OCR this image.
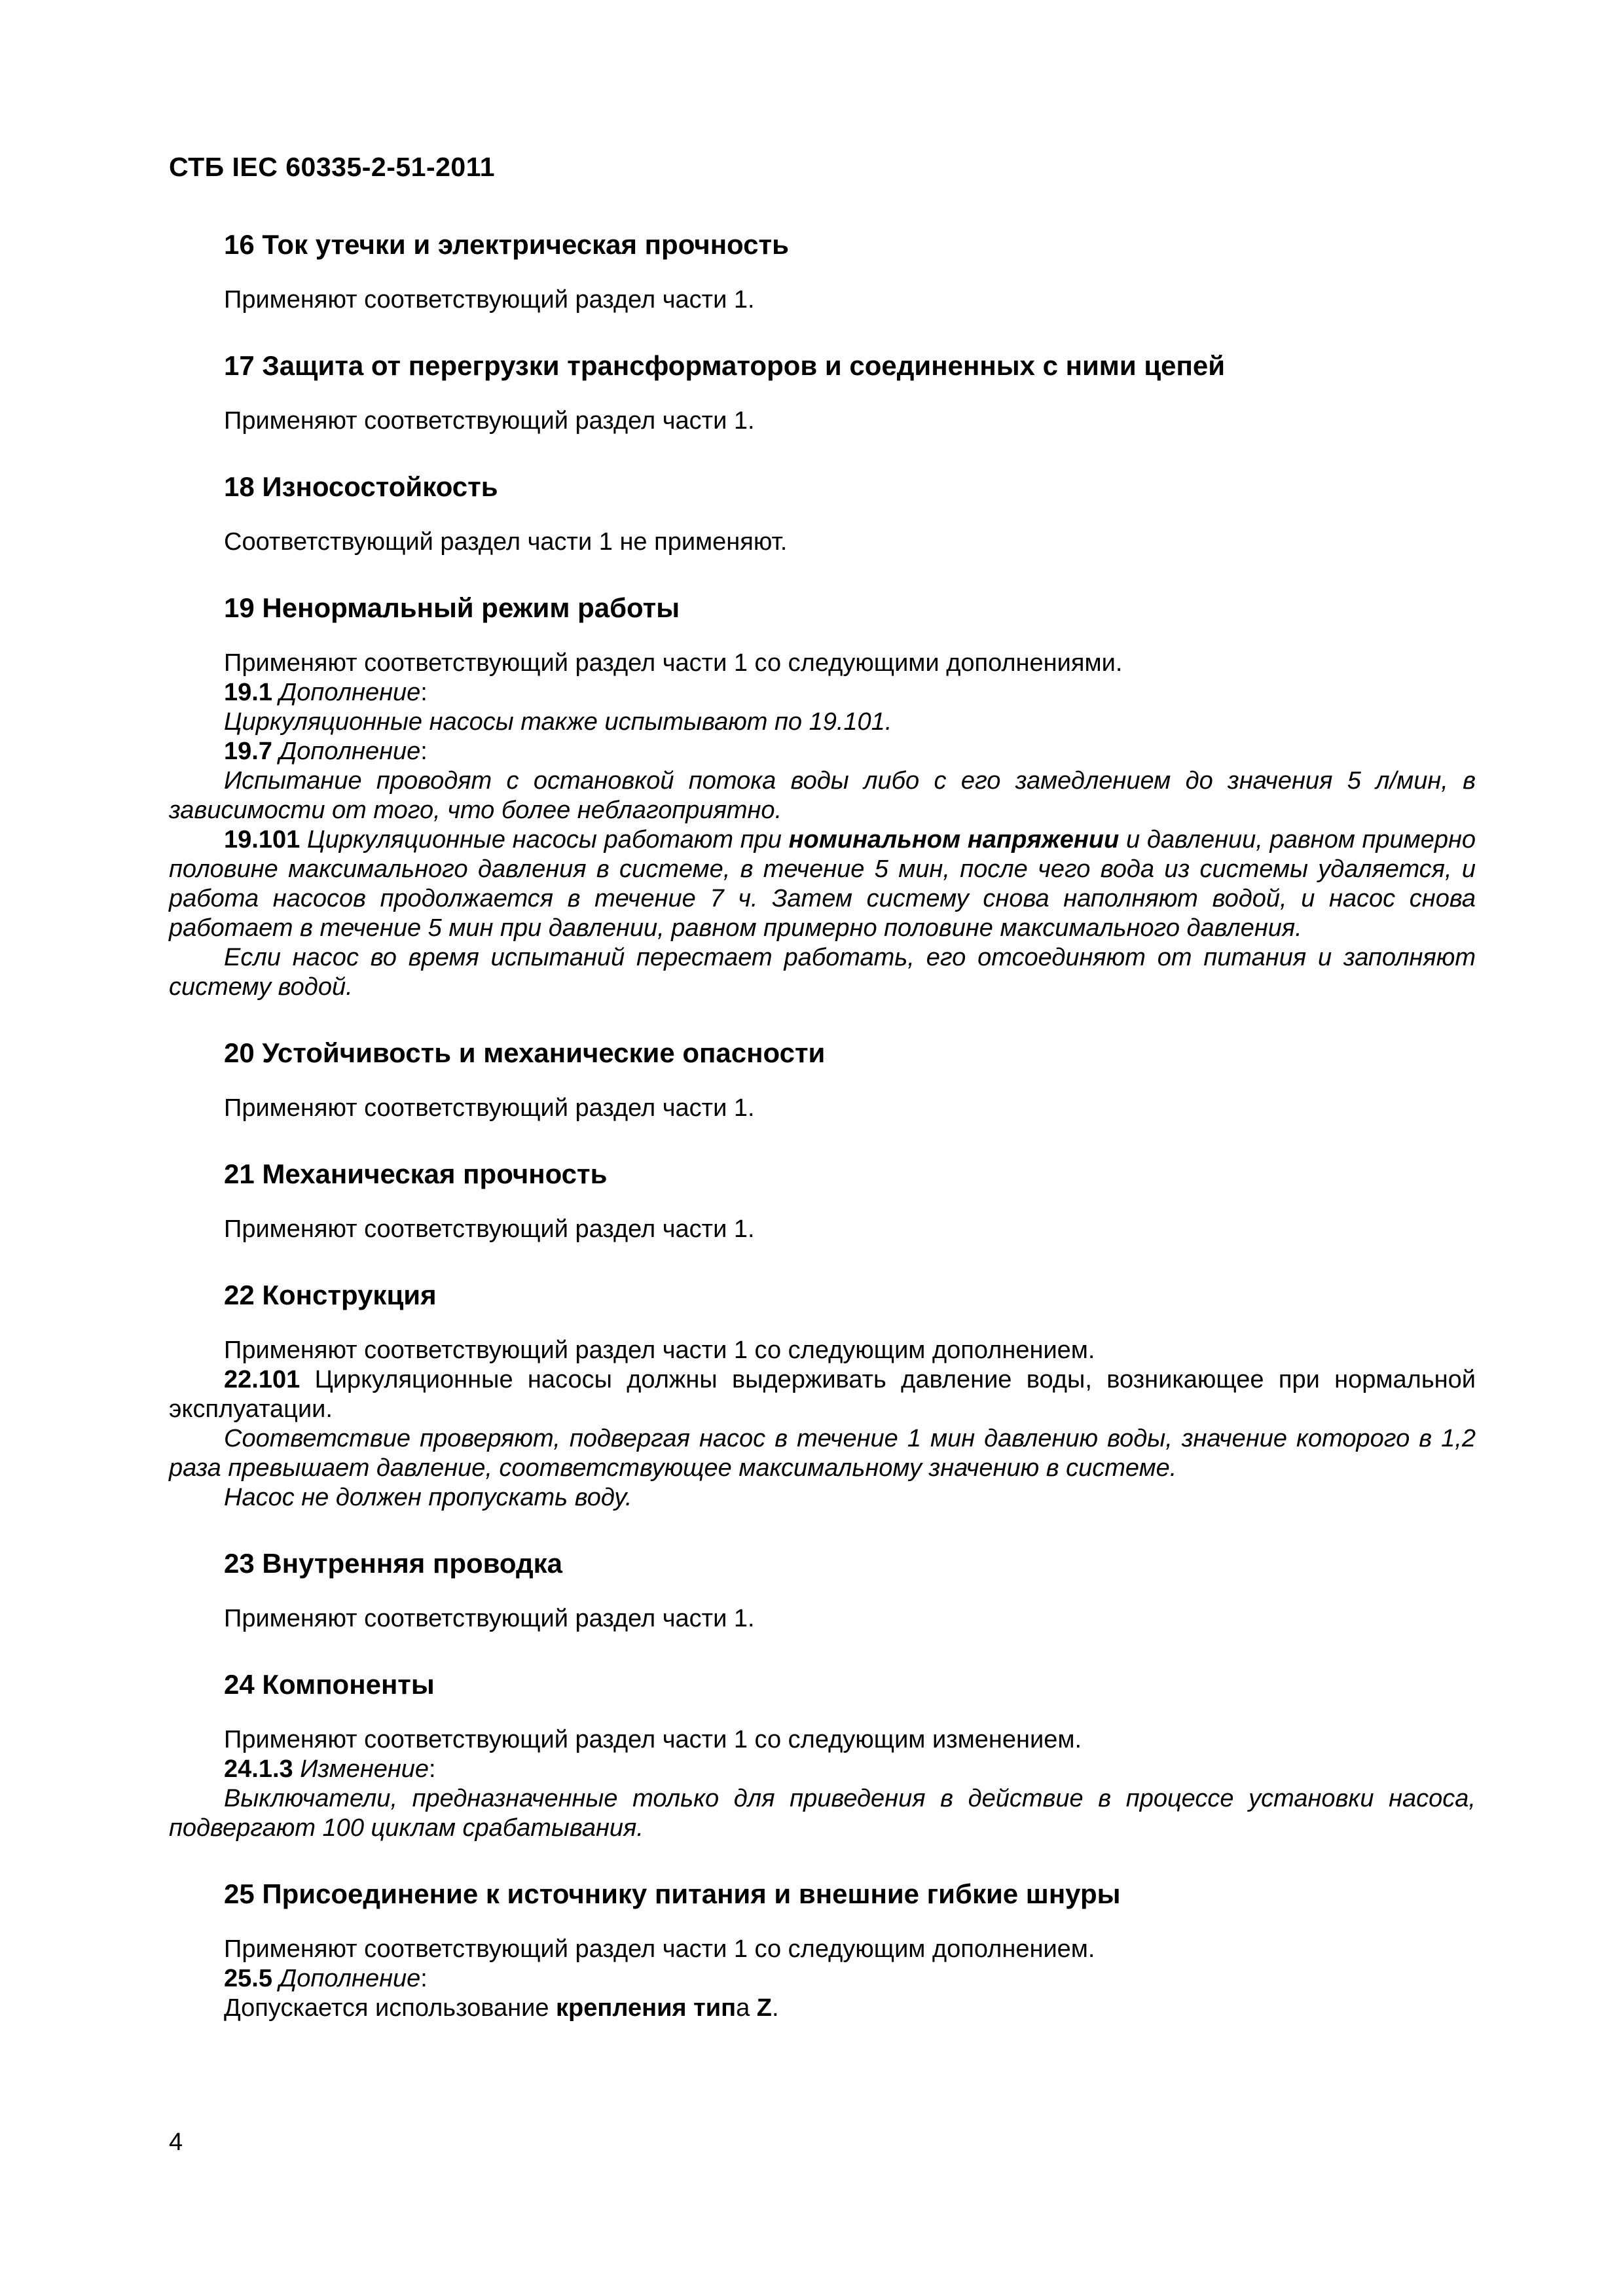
СТБ IEC 60335-2-51-2011
16 Ток утечки и электрическая прочность

Применяют соответствующий раздел части 1.

17 Защита от перегрузки трансформаторов и соединенных с ними цепей

Применяют соответствующий раздел части 1.

18 Износостойкость

Соответствующий раздел части 1 не применяют.

19 Ненормальный режим работы

Применяют соответствующий раздел части 1 со следующими дополнениями.

19.1 Дополнение:

Циркуляционные насосы также испытывают по 19.101.

19.7 Дополнение:

Испытание проводят с остановкой потока воды либо с его замедлением до значения 5 л/мин, в зависимости от того, что более неблагоприятно.

19.101 Циркуляционные насосы работают при номинальном напряжении и давлении, равном примерно половине максимального давления в системе, в течение 5 мин, после чего вода из системы удаляется, и работа насосов продолжается в течение 7 ч. Затем систему снова наполняют водой, и насос снова работает в течение 5 мин при давлении, равном примерно половине максимального давления.

Если насос во время испытаний перестает работать, его отсоединяют от питания и заполняют систему водой.

20 Устойчивость и механические опасности

Применяют соответствующий раздел части 1.

21 Механическая прочность

Применяют соответствующий раздел части 1.

22 Конструкция

Применяют соответствующий раздел части 1 со следующим дополнением.

22.101 Циркуляционные насосы должны выдерживать давление воды, возникающее при нормальной эксплуатации.

Соответствие проверяют, подвергая насос в течение 1 мин давлению воды, значение которого в 1,2 раза превышает давление, соответствующее максимальному значению в системе.

Насос не должен пропускать воду.

23 Внутренняя проводка

Применяют соответствующий раздел части 1.

24 Компоненты

Применяют соответствующий раздел части 1 со следующим изменением.

24.1.3 Изменение:

Выключатели, предназначенные только для приведения в действие в процессе установки насоса, подвергают 100 циклам срабатывания.

25 Присоединение к источнику питания и внешние гибкие шнуры

Применяют соответствующий раздел части 1 со следующим дополнением.

25.5 Дополнение:

Допускается использование крепления типа Z.

4
